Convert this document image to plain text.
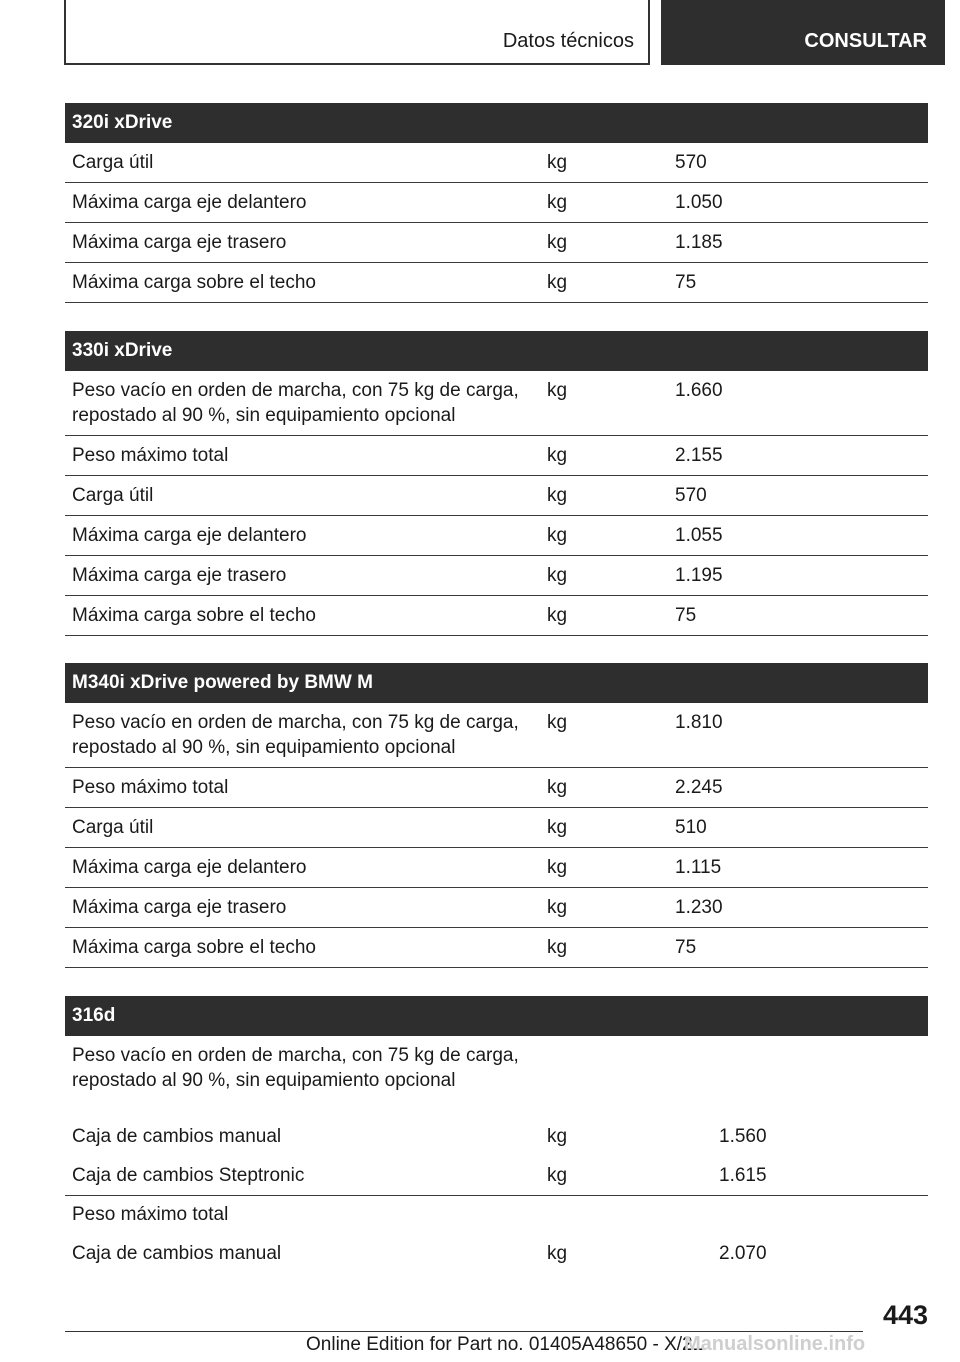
Datos técnicos	CONSULTAR
320i xDrive
Carga útil	kg	570
Máxima carga eje delantero	kg	1.050
Máxima carga eje trasero	kg	1.185
Máxima carga sobre el techo	kg	75
330i xDrive
Peso vacío en orden de marcha, con 75 kg de carga,
repostado al 90 %, sin equipamiento opcional
kg	1.660
Peso máximo total	kg	2.155
Carga útil	kg	570
Máxima carga eje delantero	kg	1.055
Máxima carga eje trasero	kg	1.195
Máxima carga sobre el techo	kg	75
M340i xDrive powered by BMW M
Peso vacío en orden de marcha, con 75 kg de carga,
repostado al 90 %, sin equipamiento opcional
kg	1.810
Peso máximo total	kg	2.245
Carga útil	kg	510
Máxima carga eje delantero	kg	1.115
Máxima carga eje trasero	kg	1.230
Máxima carga sobre el techo	kg	75
316d
Peso vacío en orden de marcha, con 75 kg de carga,
repostado al 90 %, sin equipamiento opcional
Caja de cambios manual	kg	1.560
Caja de cambios Steptronic	kg	1.615
Peso máximo total
Caja de cambios manual	kg	2.070
443
Online Edition for Part no. 01405A48650 - X/21
Manualsonline.info
